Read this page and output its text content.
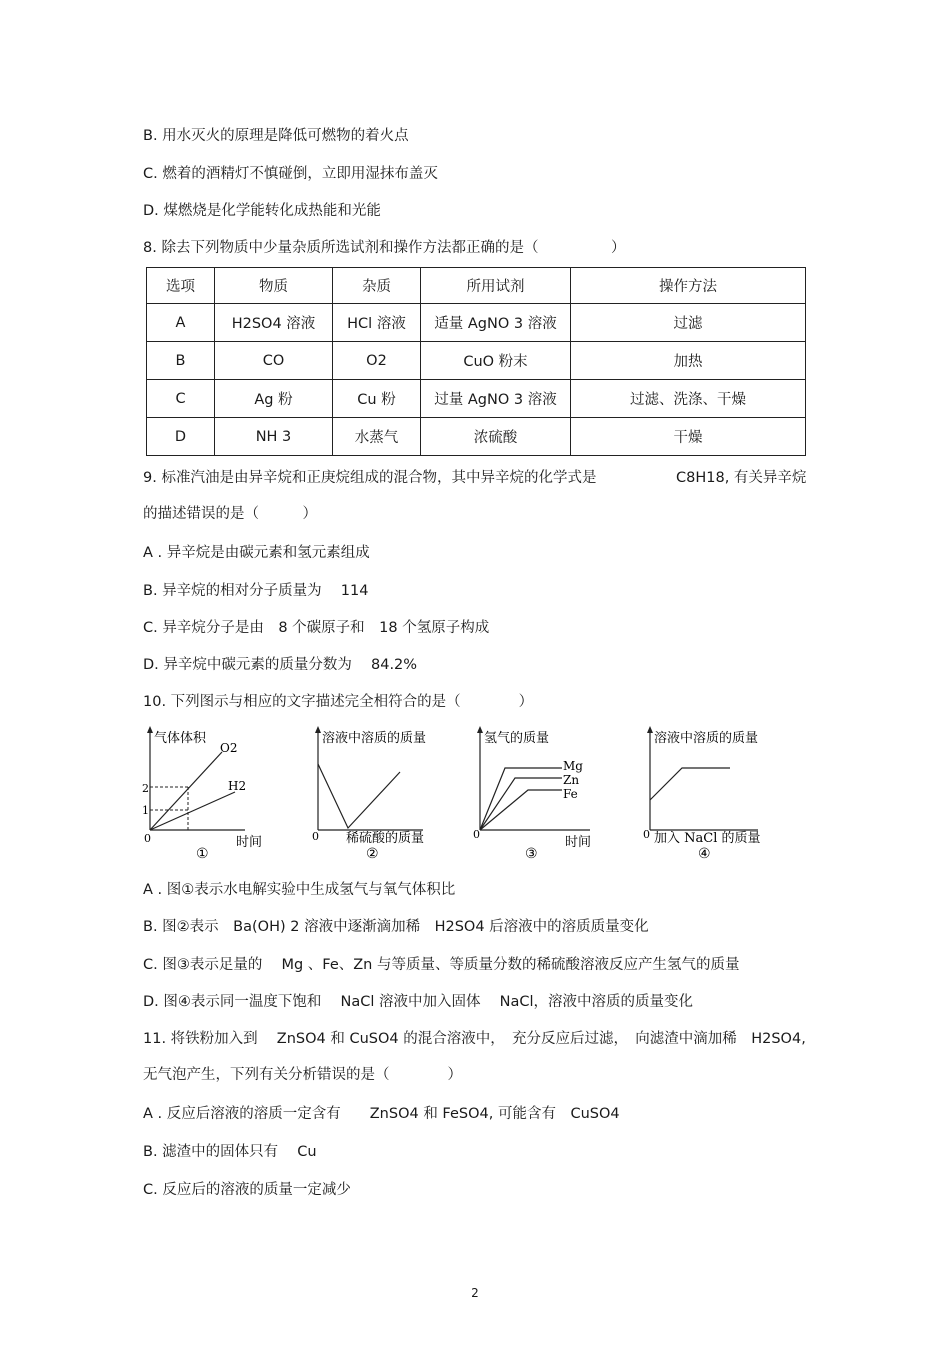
B. 用水灭火的原理是降低可燃物的着火点
C. 燃着的酒精灯不慎碰倒，立即用湿抹布盖灭
D. 煤燃烧是化学能转化成热能和光能
8. 除去下列物质中少量杂质所选试剂和操作方法都正确的是（　　　　　）
选项	物质	杂质	所用试剂	操作方法
A	H2SO4 溶液	HCl 溶液	适量 AgNO 3 溶液	过滤
B	CO	O2	CuO 粉末	加热
C	Ag 粉	Cu 粉	过量 AgNO 3 溶液	过滤、洗涤、干燥
D	NH 3	水蒸气	浓硫酸	干燥
9. 标准汽油是由异辛烷和正庚烷组成的混合物，其中异辛烷的化学式是	C8H18, 有关异辛烷
的描述错误的是（　　　）
A . 异辛烷是由碳元素和氢元素组成
B. 异辛烷的相对分子质量为　 114
C. 异辛烷分子是由　8 个碳原子和　18 个氢原子构成
D. 异辛烷中碳元素的质量分数为　 84.2%
10. 下列图示与相应的文字描述完全相符合的是（　　　　）
气体体积
O2
H2
2
1
0	时间
①
溶液中溶质的质量
0 稀硫酸的质量
②
氢气的质量
Mg
Zn
Fe
0
时间
③
溶液中溶质的质量
0 加入 NaCl 的质量
④
A . 图①表示水电解实验中生成氢气与氧气体积比
B. 图②表示　Ba(OH) 2 溶液中逐渐滴加稀　H2SO4 后溶液中的溶质质量变化
C. 图③表示足量的　 Mg 、Fe、Zn 与等质量、等质量分数的稀硫酸溶液反应产生氢气的质量
D. 图④表示同一温度下饱和　 NaCl 溶液中加入固体　 NaCl，溶液中溶质的质量变化
11. 将铁粉加入到　 ZnSO4 和 CuSO4 的混合溶液中，　充分反应后过滤，　向滤渣中滴加稀　H2SO4,
无气泡产生，下列有关分析错误的是（　　　　）
A . 反应后溶液的溶质一定含有　　ZnSO4 和 FeSO4, 可能含有　CuSO4
B. 滤渣中的固体只有　 Cu
C. 反应后的溶液的质量一定减少
2
